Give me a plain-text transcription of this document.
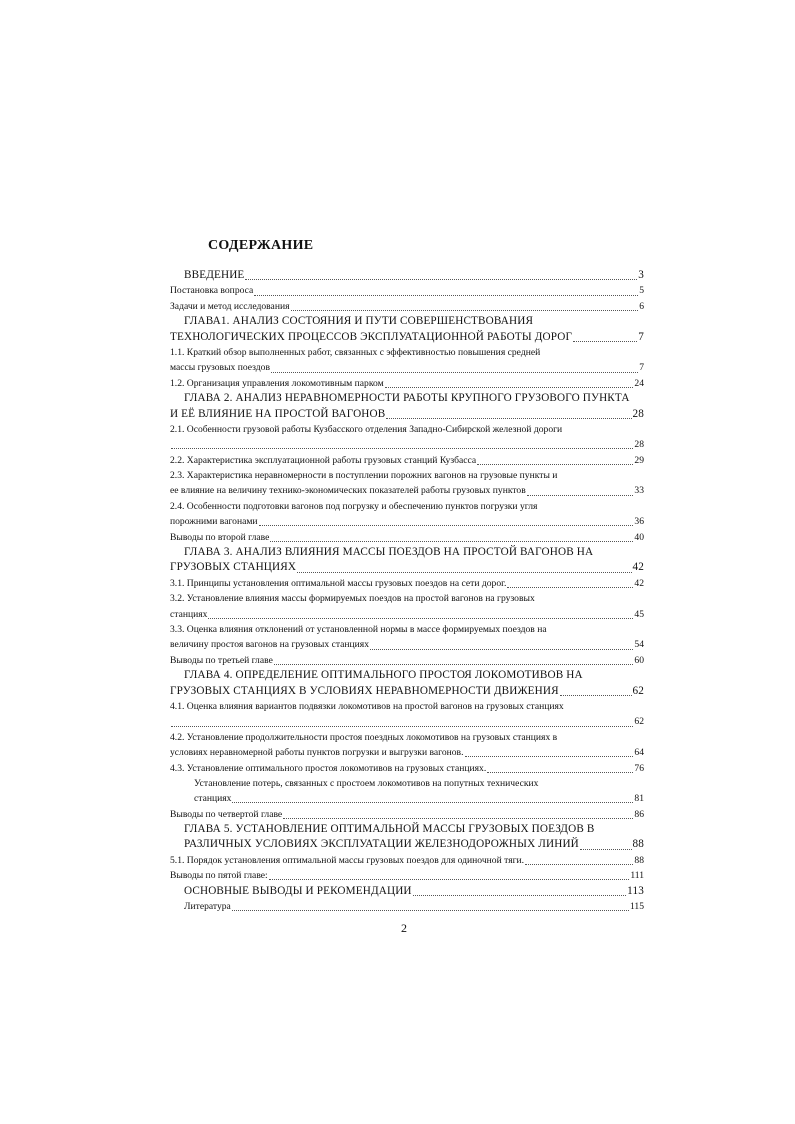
СОДЕРЖАНИЕ
ВВЕДЕНИЕ	3
Постановка вопроса	5
Задачи и метод исследования	6
ГЛАВА1. АНАЛИЗ СОСТОЯНИЯ И ПУТИ СОВЕРШЕНСТВОВАНИЯ
ТЕХНОЛОГИЧЕСКИХ ПРОЦЕССОВ ЭКСПЛУАТАЦИОННОЙ РАБОТЫ ДОРОГ	7
1.1. Краткий обзор выполненных работ, связанных с эффективностью повышения средней
массы грузовых поездов	7
1.2. Организация управления локомотивным парком	24
ГЛАВА 2. АНАЛИЗ НЕРАВНОМЕРНОСТИ РАБОТЫ КРУПНОГО ГРУЗОВОГО ПУНКТА
И ЕЁ ВЛИЯНИЕ НА ПРОСТОЙ ВАГОНОВ	28
2.1. Особенности грузовой работы Кузбасского отделения Западно-Сибирской железной дороги
28
2.2. Характеристика эксплуатационной работы грузовых станций Кузбасса	29
2.3. Характеристика неравномерности в поступлении порожних вагонов на грузовые пункты и
ее влияние на величину технико-экономических показателей работы грузовых пунктов	33
2.4. Особенности подготовки вагонов под погрузку и обеспечению пунктов погрузки угля
порожними вагонами	36
Выводы по второй главе	40
ГЛАВА 3. АНАЛИЗ ВЛИЯНИЯ МАССЫ ПОЕЗДОВ НА ПРОСТОЙ ВАГОНОВ НА
ГРУЗОВЫХ СТАНЦИЯХ	42
3.1. Принципы установления оптимальной массы грузовых поездов на сети дорог.	42
3.2. Установление влияния массы формируемых поездов на простой вагонов на грузовых
станциях	45
3.3. Оценка влияния отклонений от установленной нормы в массе формируемых поездов на
величину простоя вагонов на грузовых станциях	54
Выводы по третьей главе	60
ГЛАВА 4. ОПРЕДЕЛЕНИЕ ОПТИМАЛЬНОГО ПРОСТОЯ ЛОКОМОТИВОВ НА
ГРУЗОВЫХ СТАНЦИЯХ В УСЛОВИЯХ НЕРАВНОМЕРНОСТИ ДВИЖЕНИЯ	62
4.1. Оценка влияния вариантов подвязки локомотивов на простой вагонов на грузовых станциях
62
4.2. Установление продолжительности простоя поездных локомотивов на грузовых станциях в
условиях неравномерной работы пунктов погрузки и выгрузки вагонов.	64
4.3. Установление оптимального простоя локомотивов на грузовых станциях.	76
Установление потерь, связанных с простоем локомотивов на попутных технических
станциях	81
Выводы по четвертой главе	86
ГЛАВА 5. УСТАНОВЛЕНИЕ ОПТИМАЛЬНОЙ МАССЫ ГРУЗОВЫХ ПОЕЗДОВ В
РАЗЛИЧНЫХ УСЛОВИЯХ ЭКСПЛУАТАЦИИ ЖЕЛЕЗНОДОРОЖНЫХ ЛИНИЙ	88
5.1. Порядок установления оптимальной массы грузовых поездов для одиночной тяги.	88
Выводы по пятой главе:	111
ОСНОВНЫЕ ВЫВОДЫ И РЕКОМЕНДАЦИИ	113
Литература	115
2
